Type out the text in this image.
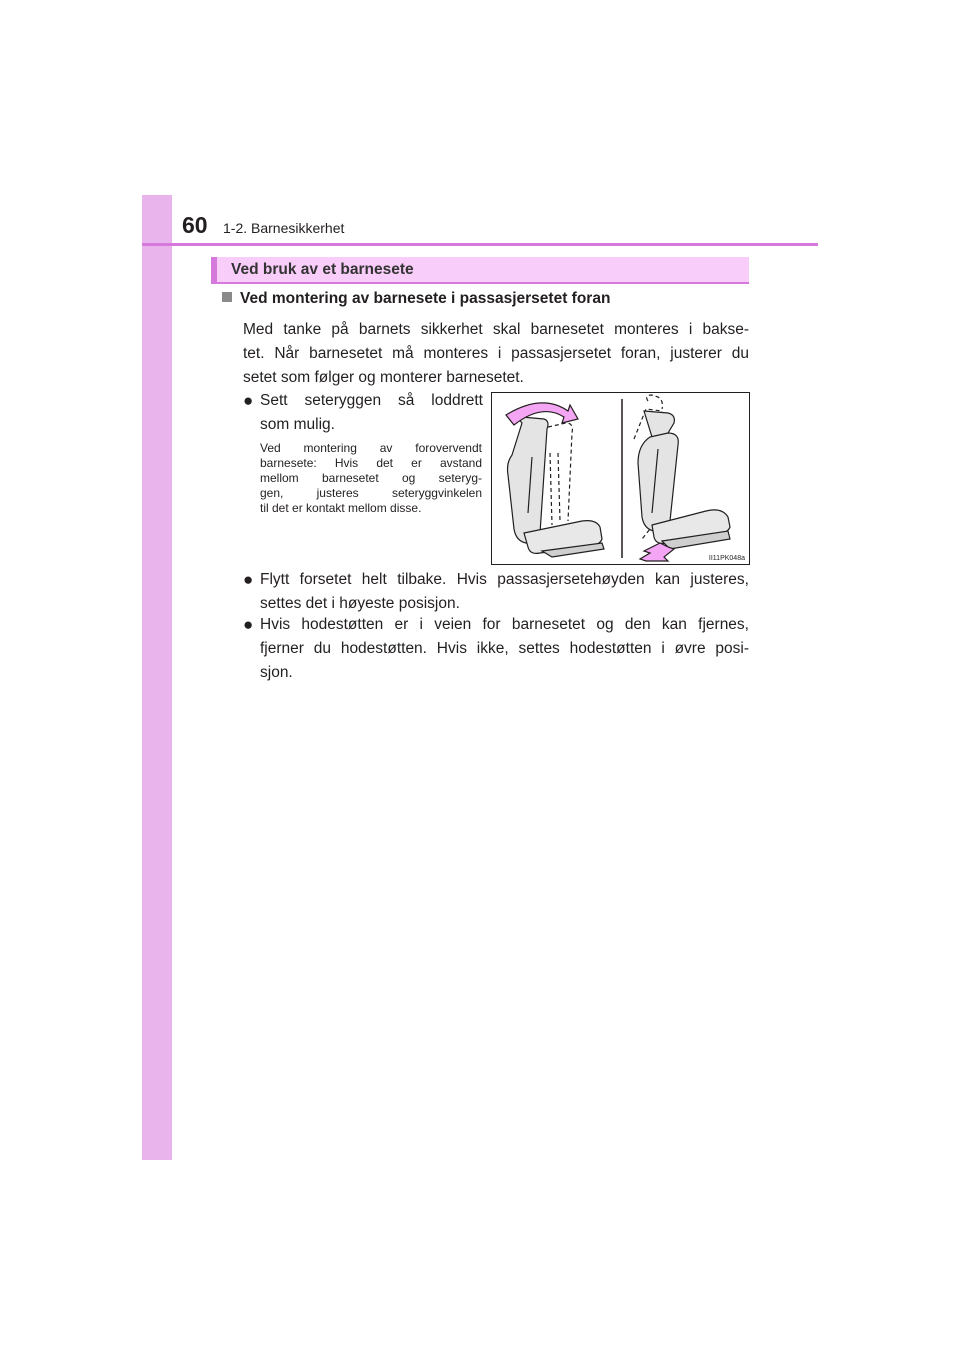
60 1-2. Barnesikkerhet
Ved bruk av et barnesete
Ved montering av barnesete i passasjersetet foran
Med tanke på barnets sikkerhet skal barnesetet monteres i bakse-
tet. Når barnesetet må monteres i passasjersetet foran, justerer du
setet som følger og monterer barnesetet.
● Sett seteryggen så loddrett
som mulig.
Ved montering av forovervendt
barnesete: Hvis det er avstand
mellom barnesetet og seteryg-
gen, justeres seteryggvinkelen
til det er kontakt mellom disse.
II11PK048a
● Flytt forsetet helt tilbake. Hvis passasjersetehøyden kan justeres,
settes det i høyeste posisjon.
● Hvis hodestøtten er i veien for barnesetet og den kan fjernes,
fjerner du hodestøtten. Hvis ikke, settes hodestøtten i øvre posi-
sjon.
